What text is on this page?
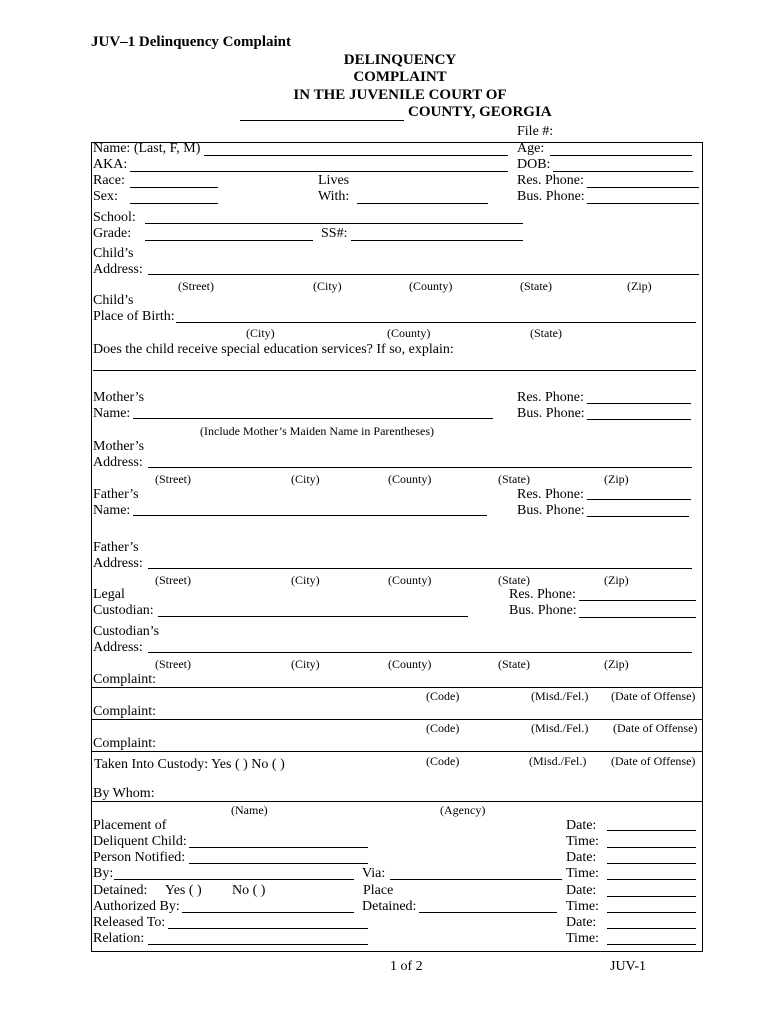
JUV–1 Delinquency Complaint
DELINQUENCY
COMPLAINT
IN THE JUVENILE COURT OF
COUNTY, GEORGIA
File #:
Name: (Last, F, M)	Age:
AKA:	DOB:
Race:	Lives	Res. Phone:
Sex:	With:	Bus. Phone:
School:
Grade:	SS#:
Child’s
Address:
(Street)	(City)	(County)	(State)	(Zip)
Child’s
Place of Birth:
(City)	(County)	(State)
Does the child receive special education services? If so, explain:
Mother’s	Res. Phone:
Name:	Bus. Phone:
(Include Mother’s Maiden Name in Parentheses)
Mother’s
Address:
(Street)	(City)	(County)	(State)	(Zip)
Father’s	Res. Phone:
Name:	Bus. Phone:
Father’s
Address:
(Street)	(City)	(County)	(State)	(Zip)
Legal	Res. Phone:
Custodian:	Bus. Phone:
Custodian’s
Address:
(Street)	(City)	(County)	(State)	(Zip)
Complaint:
(Code)	(Misd./Fel.) (Date of Offense)
Complaint:
(Code)	(Misd./Fel.) (Date of Offense)
Complaint:
(Code)	(Misd./Fel.) (Date of Offense)
Taken Into Custody: Yes ( ) No ( )
By Whom:
(Name)	(Agency)
Placement of	Date:
Deliquent Child:	Time:
Person Notified:	Date:
By:	Via:	Time:
Detained: Yes ( ) No ( )	Place	Date:
Authorized By:	Detained:	Time:
Released To:	Date:
Relation:	Time:
1 of 2	JUV-1
